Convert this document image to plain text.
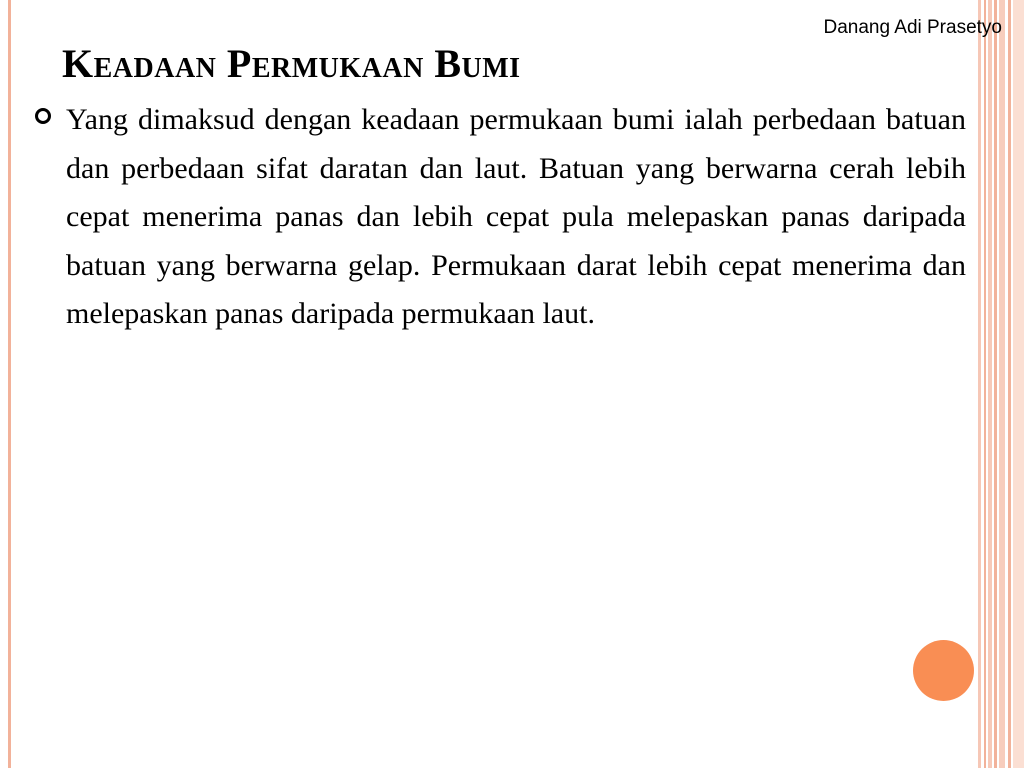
Danang Adi Prasetyo
Keadaan Permukaan Bumi

Yang dimaksud dengan keadaan permukaan bumi ialah perbedaan batuan dan perbedaan sifat daratan dan laut. Batuan yang berwarna cerah lebih cepat menerima panas dan lebih cepat pula melepaskan panas daripada batuan yang berwarna gelap. Permukaan darat lebih cepat menerima dan melepaskan panas daripada permukaan laut.
